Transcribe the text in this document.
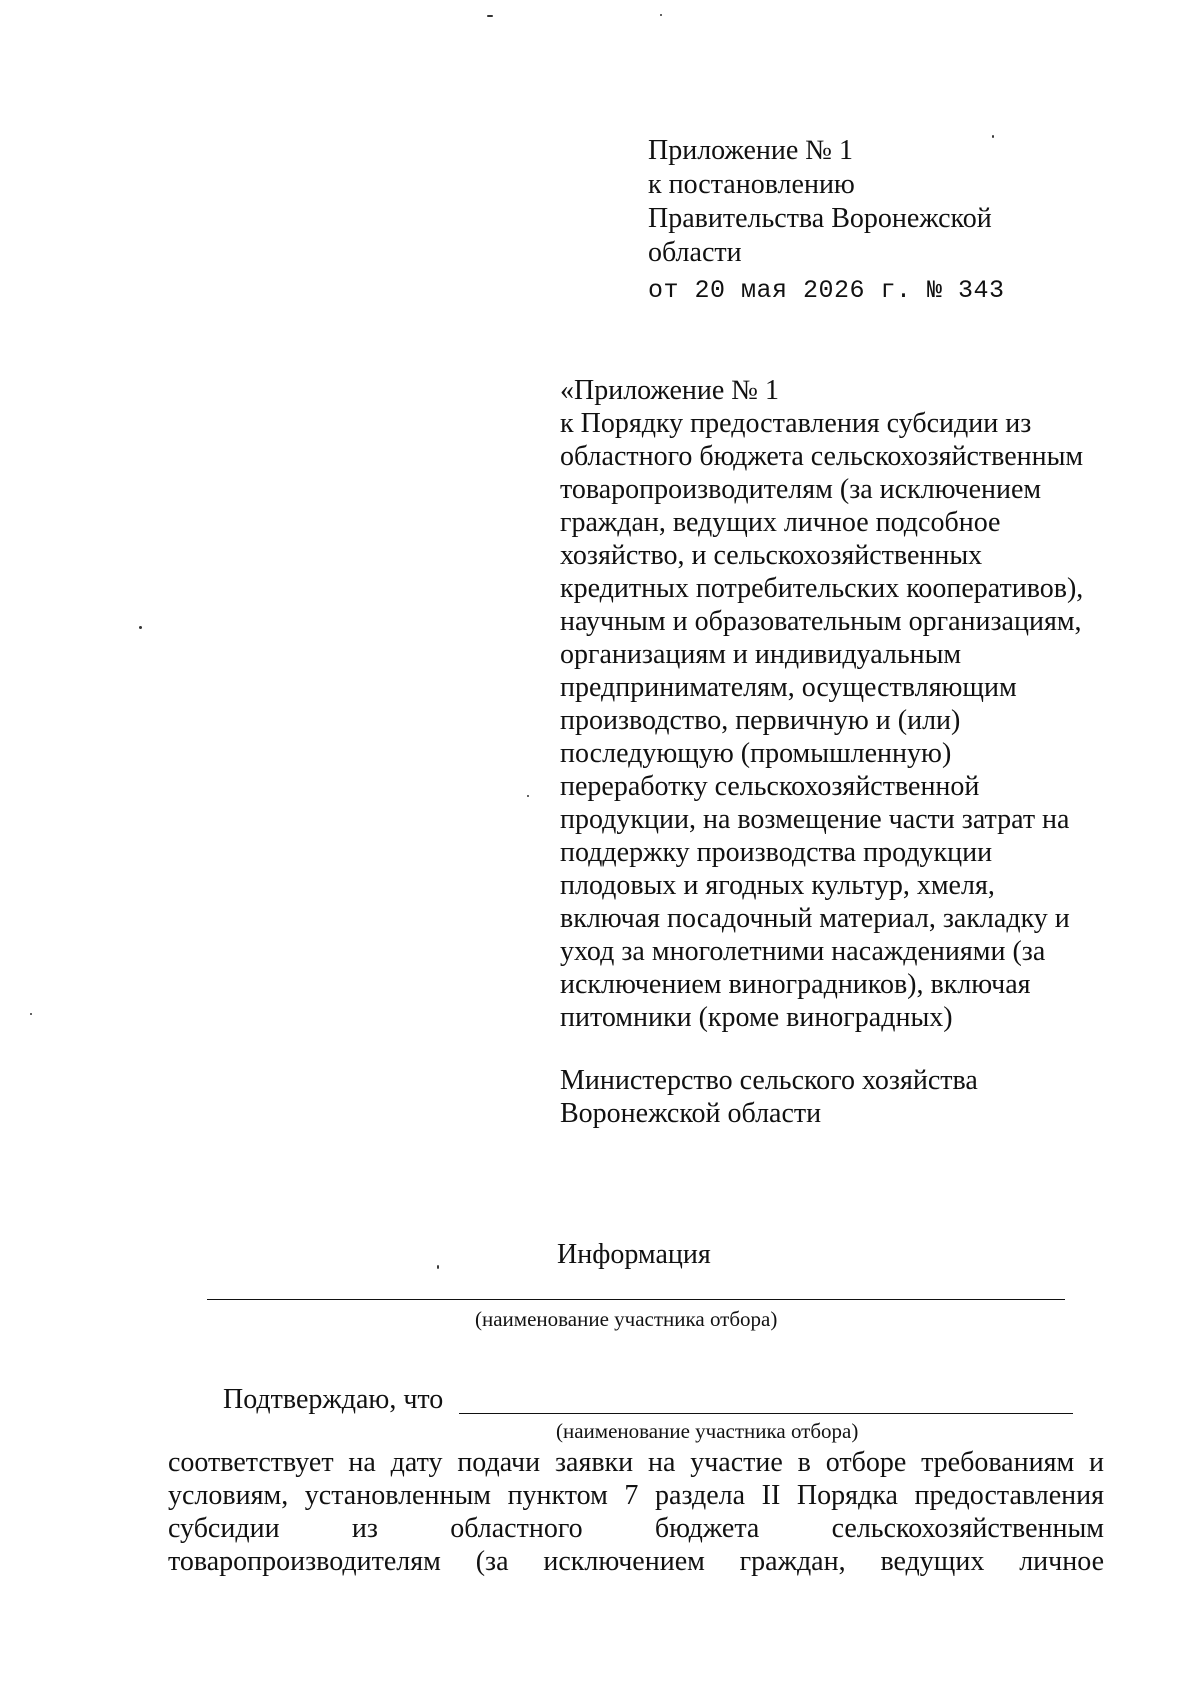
Приложение № 1
к постановлению
Правительства Воронежской
области
от 20 мая 2026 г. № 343
«Приложение № 1
к Порядку предоставления субсидии из
областного бюджета сельскохозяйственным
товаропроизводителям (за исключением
граждан, ведущих личное подсобное
хозяйство, и сельскохозяйственных
кредитных потребительских кооперативов),
научным и образовательным организациям,
организациям и индивидуальным
предпринимателям, осуществляющим
производство, первичную и (или)
последующую (промышленную)
переработку сельскохозяйственной
продукции, на возмещение части затрат на
поддержку производства продукции
плодовых и ягодных культур, хмеля,
включая посадочный материал, закладку и
уход за многолетними насаждениями (за
исключением виноградников), включая
питомники (кроме виноградных)
Министерство сельского хозяйства
Воронежской области
Информация
(наименование участника отбора)
Подтверждаю, что
(наименование участника отбора)
соответствует на дату подачи заявки на участие в отборе требованиям и
условиям, установленным пунктом 7 раздела II Порядка предоставления
субсидии из областного бюджета сельскохозяйственным
товаропроизводителям (за исключением граждан, ведущих личное
